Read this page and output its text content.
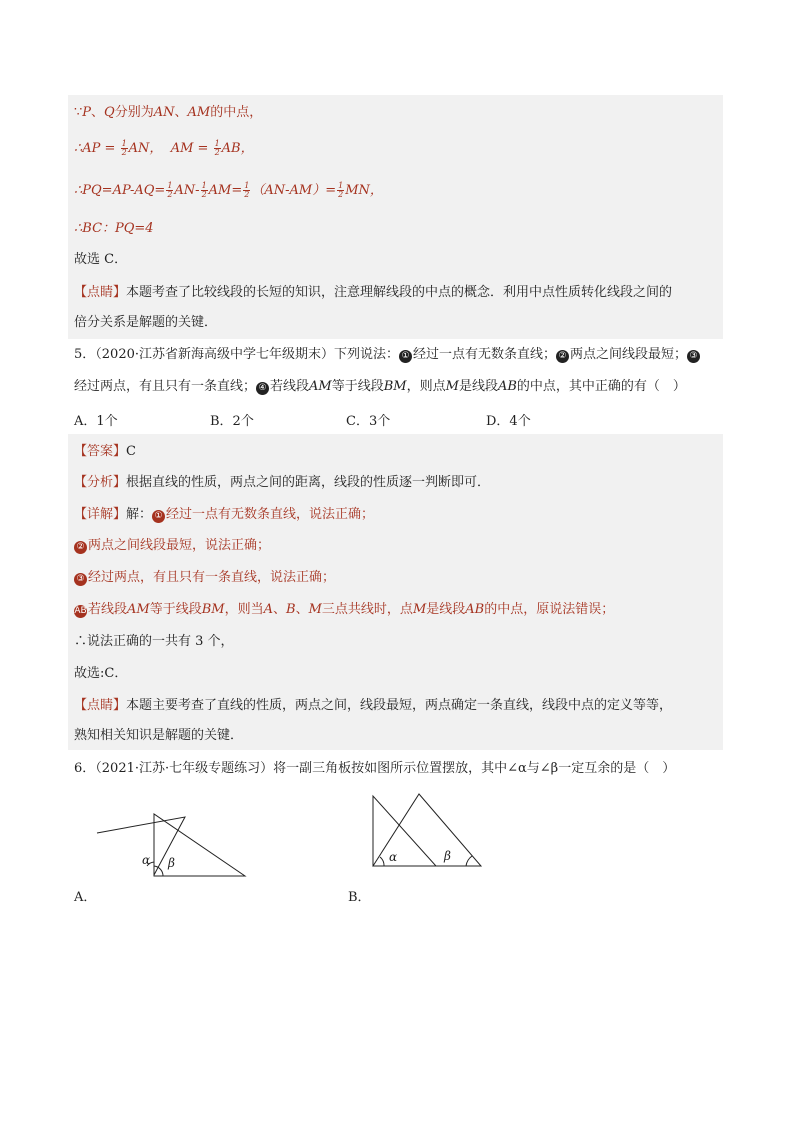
∵P、Q分别为AN、AM的中点，
∴AP = $\frac{1}{2}$ AN， AM = $\frac{1}{2}$ AB，
∴PQ=AP-AQ= $\frac{1}{2} AN- \frac{1}{2} AM= \frac{1}{2} (AN-AM)= \frac{1}{2}$ MN，
∴BC：PQ=4
故选 C．
【点睛】本题考查了比较线段的长短的知识，注意理解线段的中点的概念．利用中点性质转化线段之间的
倍分关系是解题的关键．
5．（2020·江苏省新海高级中学七年级期末）下列说法： ① 经过一点有无数条直线； ② 两点之间线段最短； ③
经过两点，有且只有一条直线； ④ 若线段AM等于线段BM，则点M是线段AB的中点，其中正确的有（　）
A．1个	B．2个	C．3个	D．4个
【答案】C
【分析】根据直线的性质，两点之间的距离，线段的性质逐一判断即可．
【详解】解： ① 经过一点有无数条直线，说法正确；
② 两点之间线段最短，说法正确；
③ 经过两点，有且只有一条直线，说法正确；
AB若线段AM等于线段BM，则当A、B、M三点共线时，点M是线段AB的中点，原说法错误；
∴说法正确的一共有 3 个，
故选:C．
【点睛】本题主要考查了直线的性质，两点之间，线段最短，两点确定一条直线，线段中点的定义等等，
熟知相关知识是解题的关键．
6．（2021·江苏·七年级专题练习）将一副三角板按如图所示位置摆放，其中∠α与∠β一定互余的是（　）
α β
A．
α	β
B．
